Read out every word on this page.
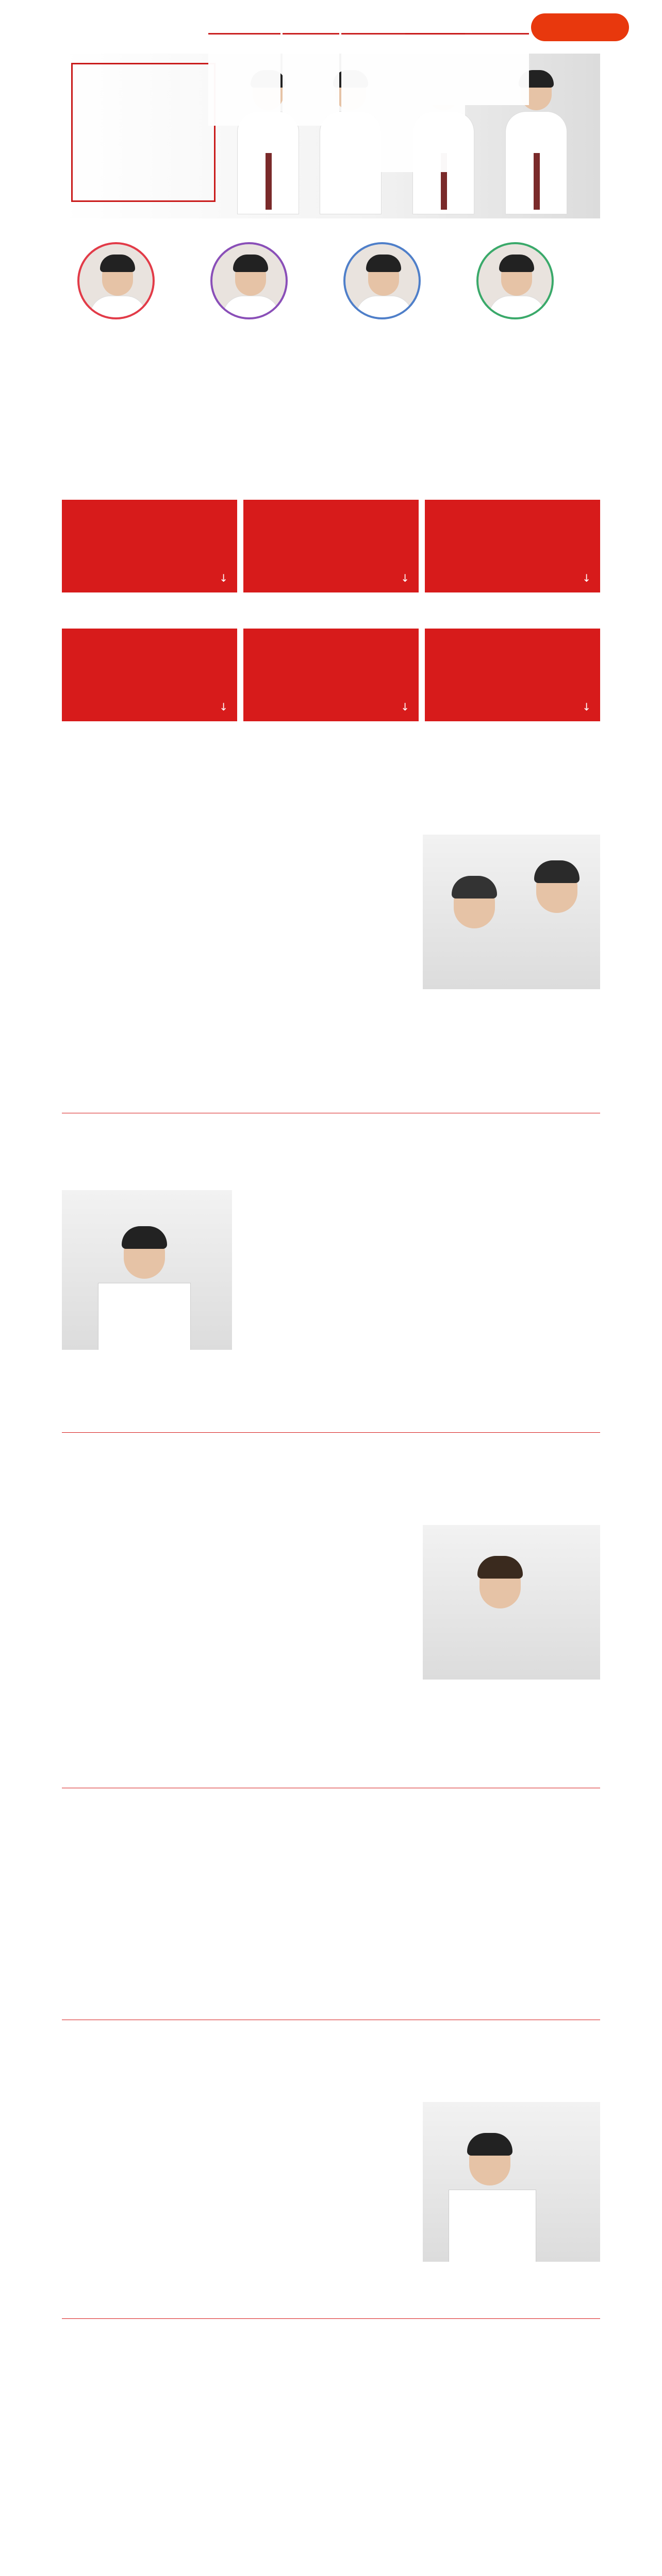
↓	↓	↓
↓	↓	↓
